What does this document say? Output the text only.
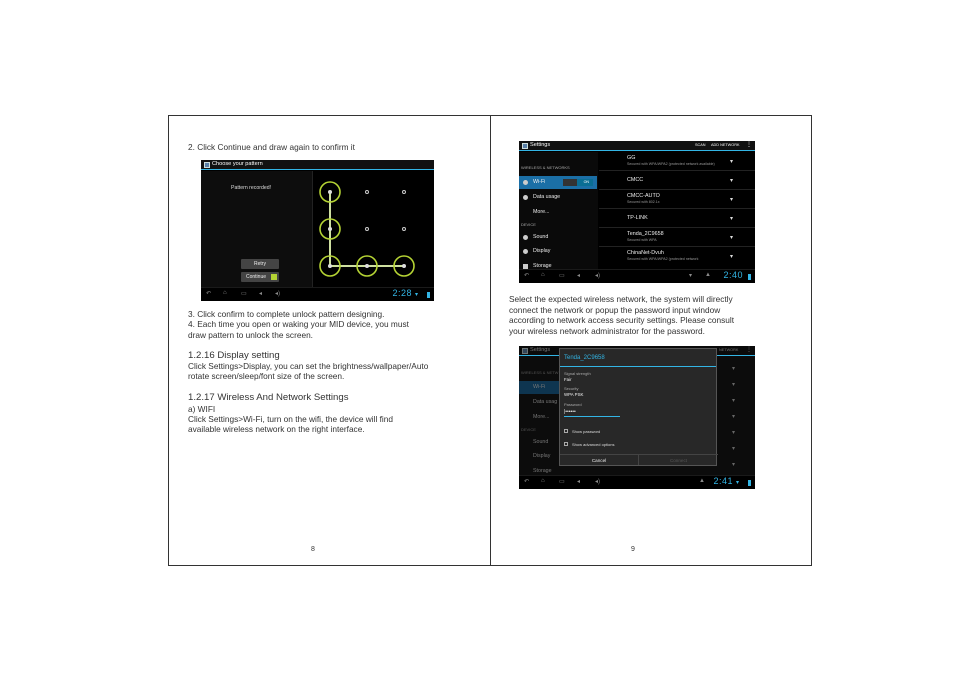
2. Click Continue and draw again to confirm it
Choose your pattern
Pattern recorded!
Retry
Continue
↶ ⌂ ▭ ◂ ◂)	▾
2:28
3. Click confirm to complete unlock pattern designing.
4. Each time you open or waking your MID device, you must
draw pattern to unlock the screen.
1.2.16 Display setting
Click Settings>Display, you can set the brightness/wallpaper/Auto
rotate screen/sleep/font size of the screen.
1.2.17 Wireless And Network Settings
a) WIFI
Click Settings>Wi-Fi, turn on the wifi, the device will find
available wireless network on the right interface.
8
Settings	SCAN ADD NETWORK ⋮
WIRELESS & NETWORKS
Wi-Fi	ON
Data usage
More...
DEVICE
Sound
Display
Storage
GG
Secured with WPA/WPA2 (protected network available)	▾
CMCC	▾
CMCC-AUTO
Secured with 802.1x	▾
TP-LINK	▾
Tenda_2C9658
Secured with WPA	▾
ChinaNet-Dvuh
Secured with WPA/WPA2 (protected network	▾
↶ ⌂ ▭ ◂ ◂)	▾ ▲ 2:40
Select the expected wireless network, the system will directly
connect the network or popup the password input window
according to network access security settings. Please consult
your wireless network administrator for the password.
Settings	NETWORK ⋮
WIRELESS & NETW
Wi-Fi
Data usag
More...
DEVICE
Sound
Display
Storage
▾
▾
▾
▾
▾
▾
▾
Tenda_2C9658
Signal strength
Fair
Security
WPA PSK
Password
|••••••
Show password
Show advanced options
Cancel	Connect
↶ ⌂ ▭ ◂ ◂)	▲	▾
2:41
9
